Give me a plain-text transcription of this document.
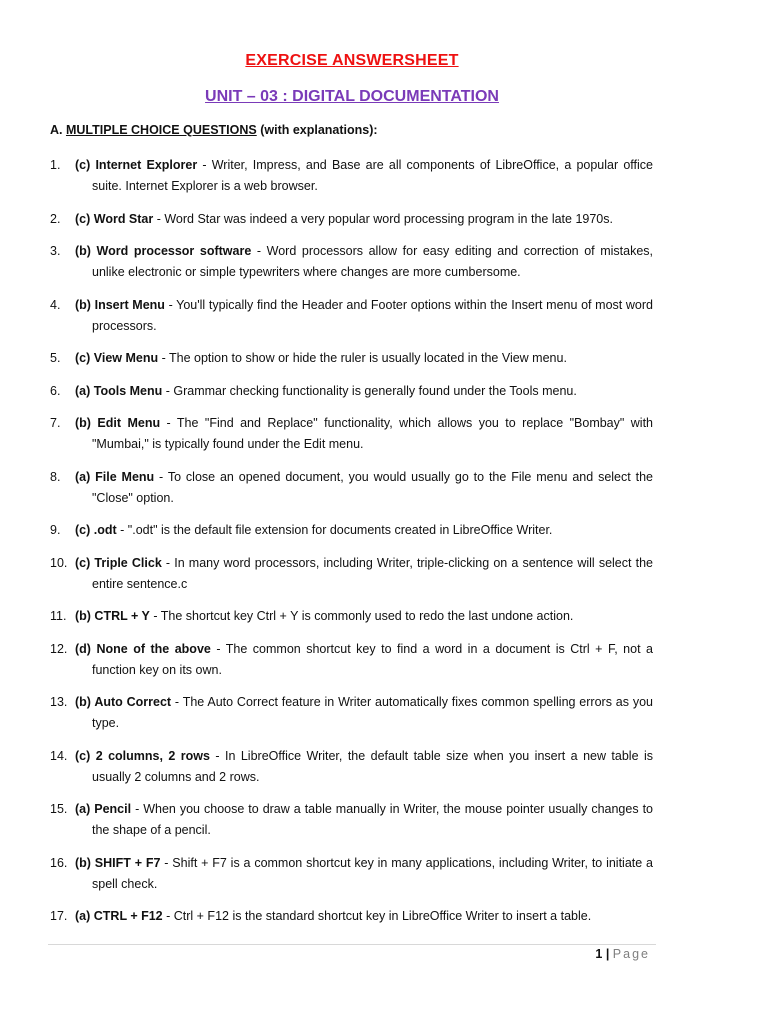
EXERCISE ANSWERSHEET
UNIT – 03 : DIGITAL DOCUMENTATION
A. MULTIPLE CHOICE QUESTIONS (with explanations):
1.	(c) Internet Explorer - Writer, Impress, and Base are all components of LibreOffice, a popular office suite. Internet Explorer is a web browser.
2.	(c) Word Star - Word Star was indeed a very popular word processing program in the late 1970s.
3.	(b) Word processor software - Word processors allow for easy editing and correction of mistakes, unlike electronic or simple typewriters where changes are more cumbersome.
4.	(b) Insert Menu - You'll typically find the Header and Footer options within the Insert menu of most word processors.
5.	(c) View Menu - The option to show or hide the ruler is usually located in the View menu.
6.	(a) Tools Menu - Grammar checking functionality is generally found under the Tools menu.
7.	(b) Edit Menu - The "Find and Replace" functionality, which allows you to replace "Bombay" with "Mumbai," is typically found under the Edit menu.
8.	(a) File Menu - To close an opened document, you would usually go to the File menu and select the "Close" option.
9.	(c) .odt - ".odt" is the default file extension for documents created in LibreOffice Writer.
10. (c) Triple Click - In many word processors, including Writer, triple-clicking on a sentence will select the entire sentence.c
11. (b) CTRL + Y - The shortcut key Ctrl + Y is commonly used to redo the last undone action.
12. (d) None of the above - The common shortcut key to find a word in a document is Ctrl + F, not a function key on its own.
13. (b) Auto Correct - The Auto Correct feature in Writer automatically fixes common spelling errors as you type.
14. (c) 2 columns, 2 rows - In LibreOffice Writer, the default table size when you insert a new table is usually 2 columns and 2 rows.
15. (a) Pencil - When you choose to draw a table manually in Writer, the mouse pointer usually changes to the shape of a pencil.
16. (b) SHIFT + F7 - Shift + F7 is a common shortcut key in many applications, including Writer, to initiate a spell check.
17. (a) CTRL + F12 - Ctrl + F12 is the standard shortcut key in LibreOffice Writer to insert a table.
1 | Page
